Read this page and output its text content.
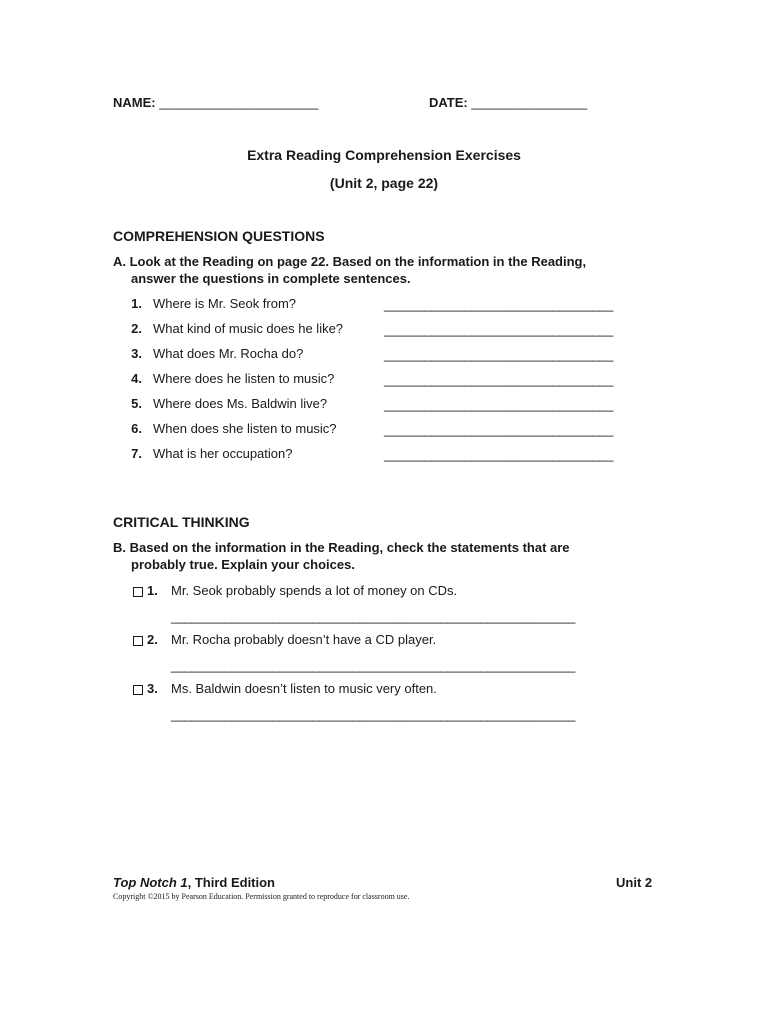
NAME: ______________________	DATE: ________________
Extra Reading Comprehension Exercises
(Unit 2, page 22)
COMPREHENSION QUESTIONS
A. Look at the Reading on page 22. Based on the information in the Reading,
answer the questions in complete sentences.
1. Where is Mr. Seok from?	__________________________________
2. What kind of music does he like?	__________________________________
3. What does Mr. Rocha do?	__________________________________
4. Where does he listen to music?	__________________________________
5. Where does Ms. Baldwin live?	__________________________________
6. When does she listen to music?	__________________________________
7. What is her occupation?	__________________________________
CRITICAL THINKING
B. Based on the information in the Reading, check the statements that are
probably true. Explain your choices.
1. Mr. Seok probably spends a lot of money on CDs.
____________________________________________________________
2. Mr. Rocha probably doesn’t have a CD player.
____________________________________________________________
3. Ms. Baldwin doesn’t listen to music very often.
____________________________________________________________
Top Notch 1, Third Edition	Unit 2
Copyright ©2015 by Pearson Education. Permission granted to reproduce for classroom use.
